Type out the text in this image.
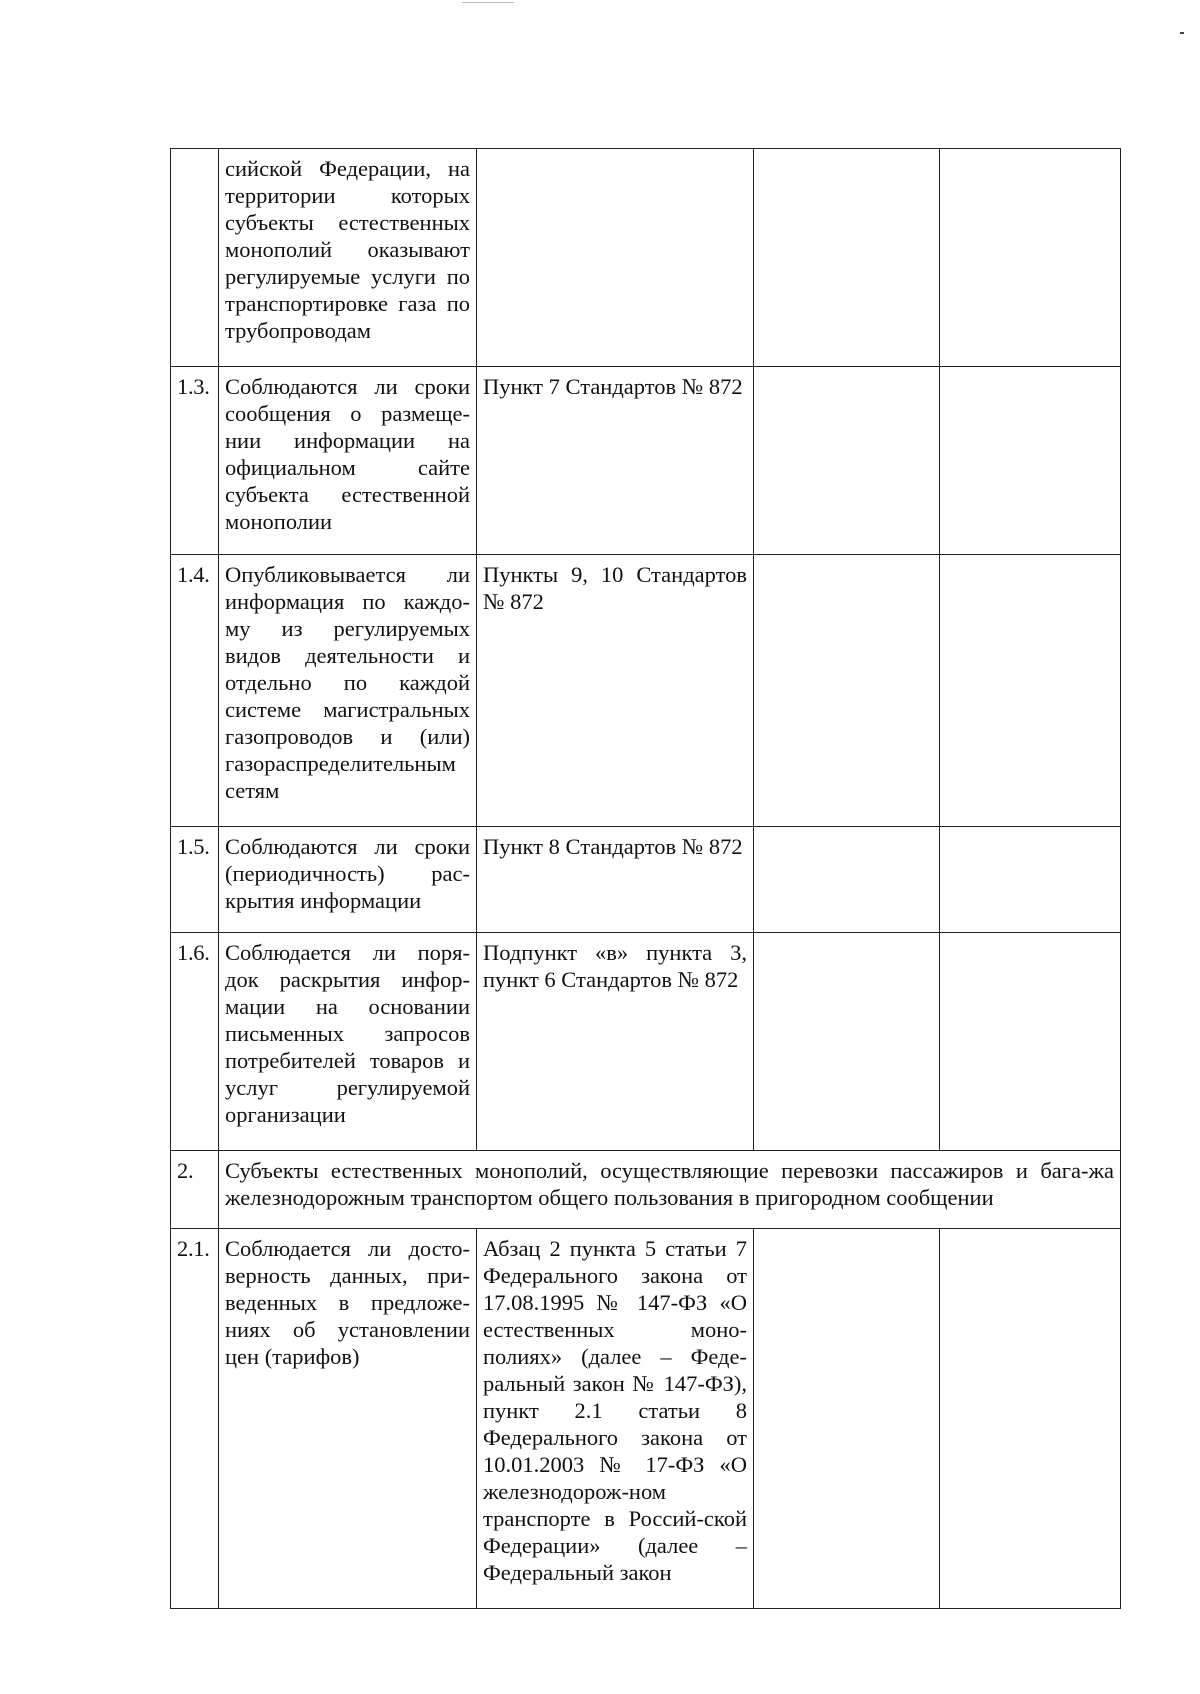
	сийской Федерации, на территории которых субъекты естественных монополий оказывают регулируемые услуги по транспортировке газа по трубопроводам			
1.3.	Соблюдаются ли сроки сообщения о размеще-нии информации на официальном сайте субъекта естественной монополии	Пункт 7 Стандартов № 872		
1.4.	Опубликовывается ли информация по каждо-му из регулируемых видов деятельности и отдельно по каждой системе магистральных газопроводов и (или) газораспределительным сетям	Пункты 9, 10 Стандартов № 872		
1.5.	Соблюдаются ли сроки (периодичность) рас-крытия информации	Пункт 8 Стандартов № 872		
1.6.	Соблюдается ли поря-док раскрытия инфор-мации на основании письменных запросов потребителей товаров и услуг регулируемой организации	Подпункт «в» пункта 3, пункт 6 Стандартов № 872		
2.	Субъекты естественных монополий, осуществляющие перевозки пассажиров и бага-жа железнодорожным транспортом общего пользования в пригородном сообщении			
2.1.	Соблюдается ли досто-верность данных, при-веденных в предложе-ниях об установлении цен (тарифов)	Абзац 2 пункта 5 статьи 7 Федерального закона от 17.08.1995 № 147-ФЗ «О естественных моно-полиях» (далее – Феде-ральный закон № 147-ФЗ), пункт 2.1 статьи 8 Федерального закона от 10.01.2003 № 17-ФЗ «О железнодорож-ном транспорте в Россий-ской Федерации» (далее – Федеральный закон		
